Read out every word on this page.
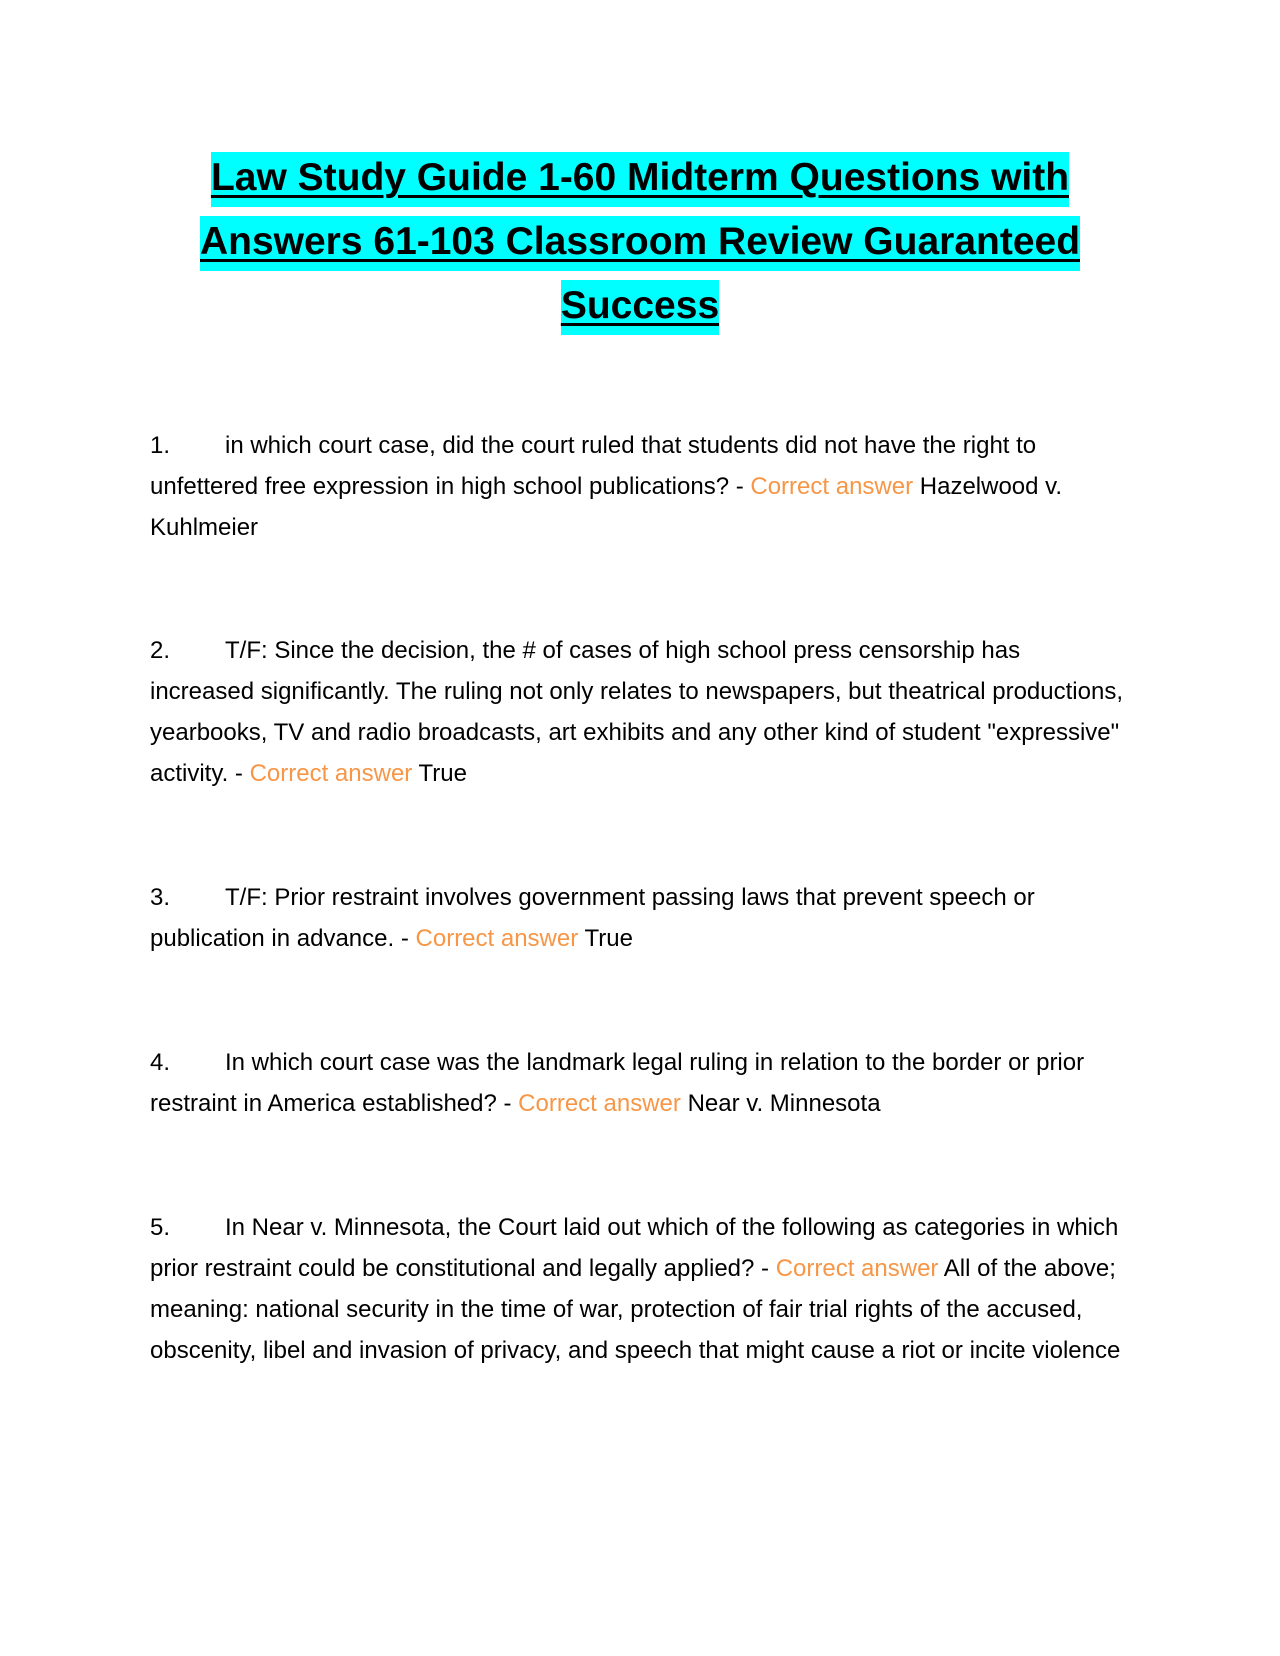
Law Study Guide 1-60 Midterm Questions with Answers 61-103 Classroom Review Guaranteed Success

1. in which court case, did the court ruled that students did not have the right to unfettered free expression in high school publications? - Correct answer Hazelwood v. Kuhlmeier

2. T/F: Since the decision, the # of cases of high school press censorship has increased significantly. The ruling not only relates to newspapers, but theatrical productions, yearbooks, TV and radio broadcasts, art exhibits and any other kind of student "expressive" activity. - Correct answer True

3. T/F: Prior restraint involves government passing laws that prevent speech or publication in advance. - Correct answer True

4. In which court case was the landmark legal ruling in relation to the border or prior restraint in America established? - Correct answer Near v. Minnesota

5. In Near v. Minnesota, the Court laid out which of the following as categories in which prior restraint could be constitutional and legally applied? - Correct answer All of the above; meaning: national security in the time of war, protection of fair trial rights of the accused, obscenity, libel and invasion of privacy, and speech that might cause a riot or incite violence
